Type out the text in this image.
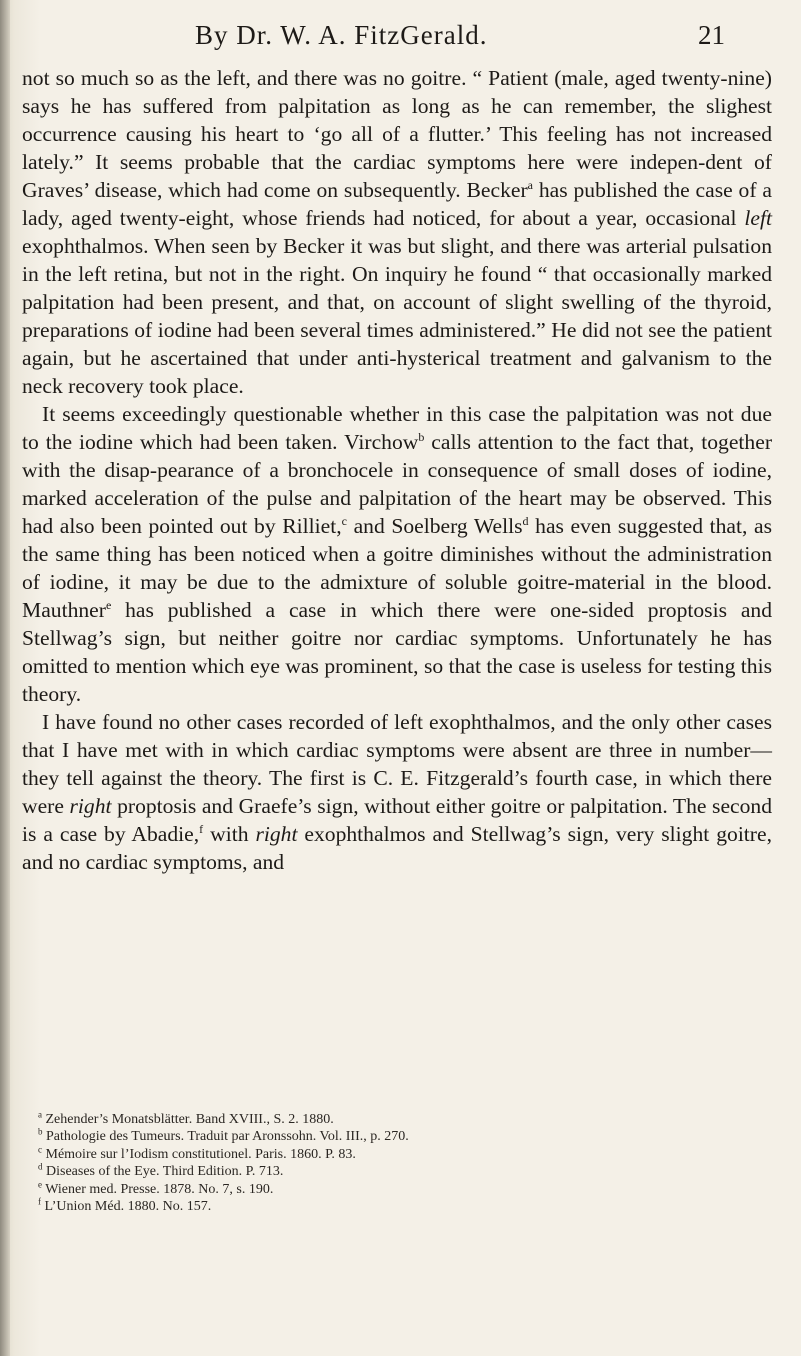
By Dr. W. A. FitzGerald.	21

not so much so as the left, and there was no goitre. “ Patient (male, aged twenty-nine) says he has suffered from palpitation as long as he can remember, the slighest occurrence causing his heart to ‘go all of a flutter.’ This feeling has not increased lately.” It seems probable that the cardiac symptoms here were indepen-dent of Graves’ disease, which had come on subsequently. Becker$^a$ has published the case of a lady, aged twenty-eight, whose friends had noticed, for about a year, occasional left exophthalmos. When seen by Becker it was but slight, and there was arterial pulsation in the left retina, but not in the right. On inquiry he found “ that occasionally marked palpitation had been present, and that, on account of slight swelling of the thyroid, preparations of iodine had been several times administered.” He did not see the patient again, but he ascertained that under anti-hysterical treatment and galvanism to the neck recovery took place.

It seems exceedingly questionable whether in this case the palpitation was not due to the iodine which had been taken. Virchow$^b$ calls attention to the fact that, together with the disap-pearance of a bronchocele in consequence of small doses of iodine, marked acceleration of the pulse and palpitation of the heart may be observed. This had also been pointed out by Rilliet,$^c$ and Soelberg Wells$^d$ has even suggested that, as the same thing has been noticed when a goitre diminishes without the administration of iodine, it may be due to the admixture of soluble goitre-material in the blood. Mauthner$^e$ has published a case in which there were one-sided proptosis and Stellwag’s sign, but neither goitre nor cardiac symptoms. Unfortunately he has omitted to mention which eye was prominent, so that the case is useless for testing this theory.

I have found no other cases recorded of left exophthalmos, and the only other cases that I have met with in which cardiac symptoms were absent are three in number—they tell against the theory. The first is C. E. Fitzgerald’s fourth case, in which there were right proptosis and Graefe’s sign, without either goitre or palpitation. The second is a case by Abadie,$^f$ with right exophthalmos and Stellwag’s sign, very slight goitre, and no cardiac symptoms, and

$^a$ Zehender’s Monatsblätter. Band XVIII., S. 2. 1880.
$^b$ Pathologie des Tumeurs. Traduit par Aronssohn. Vol. III., p. 270.
$^c$ Mémoire sur l’Iodism constitutionel. Paris. 1860. P. 83.
$^d$ Diseases of the Eye. Third Edition. P. 713.
$^e$ Wiener med. Presse. 1878. No. 7, s. 190.
$^f$ L’Union Méd. 1880. No. 157.
